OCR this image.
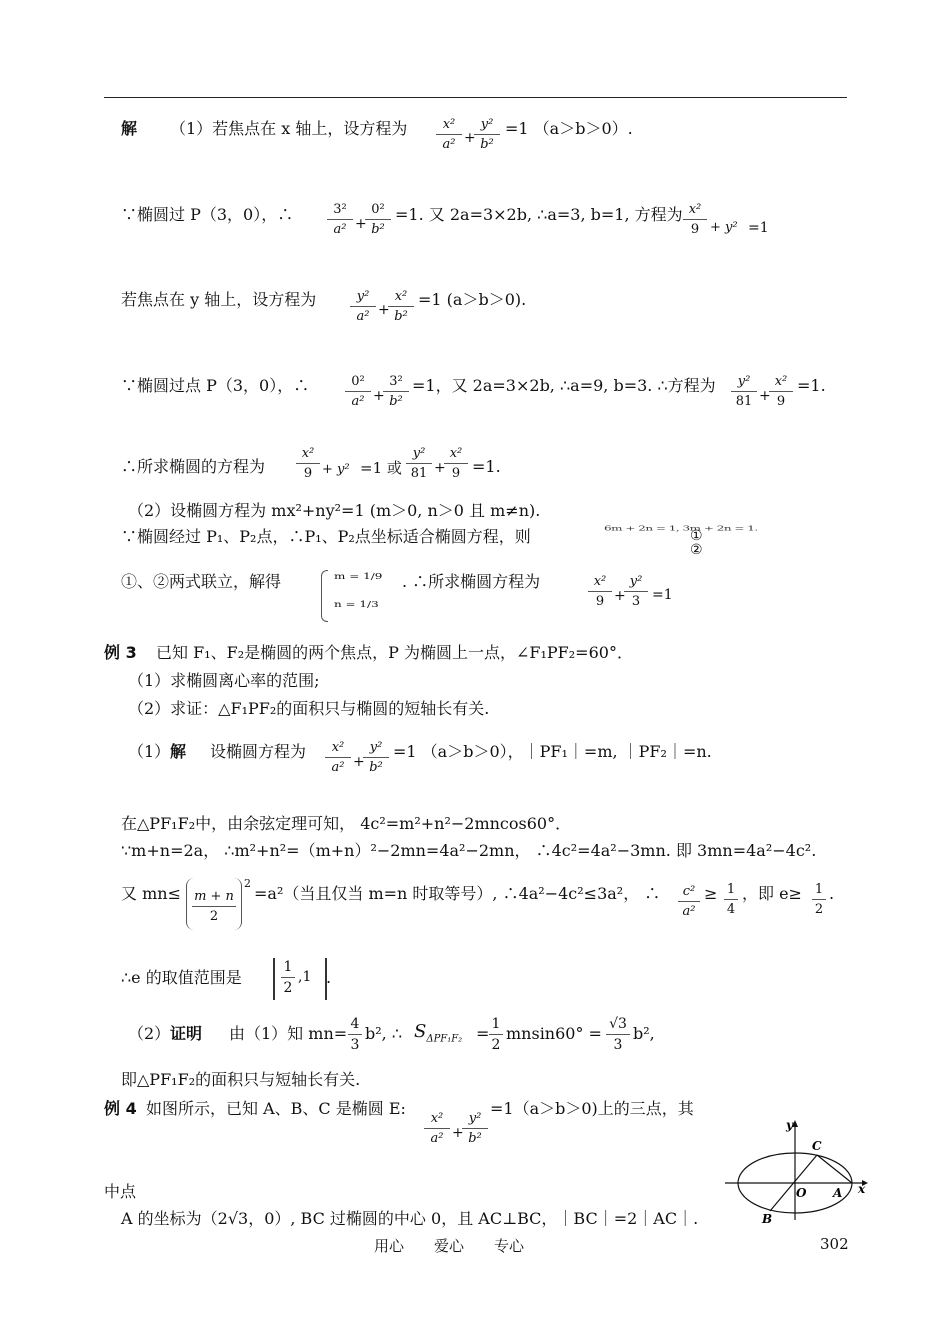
解 （1）若焦点在 x 轴上，设方程为 $\frac{\text{x²}}{\text{a²}}$ +
$\frac{\text{y²}}{\text{b²}} =1$ （a＞b＞0）.
∵椭圆过 P（3，0），∴	$\frac{\text{3²}}{\text{a²}}$ +
$\frac{\text{0²}}{\text{b²}} =1$. 又 2a=3×2b, ∴a=3, b=1, 方程为 $\frac{\text{x²}}{9} + y^2 =1$
若焦点在 y 轴上，设方程为	$\frac{\text{y²}}{\text{a²}}$ +
$\frac{\text{x²}}{\text{b²}} =1$ (a＞b＞0).
∵椭圆过点 P（3，0），∴	$\frac{\text{0²}}{\text{a²}}$ +
$\frac{\text{3²}}{\text{b²}} =1$，又 2a=3×2b, ∴a=9, b=3. ∴方程为 $\frac{\text{y²}}{81}$ +
$\frac{\text{x²}}{9} =1$.
∴所求椭圆的方程为 $\frac{\text{x²}}{9} + y^2 =1$ 或 $\frac{\text{y²}}{81}$ +
$\frac{\text{x²}}{9} =1$.
（2）设椭圆方程为 mx²+ny²=1 (m＞0, n＞0 且 m≠n).
∵椭圆经过 P₁、P₂点，∴P₁、P₂点坐标适合椭圆方程，则	6m + 2n = 1, 3m + 2n = 1.
①
②
①、②两式联立，解得	m = 1/9
n = 1/3
. ∴所求椭圆方程为	$\frac{\text{x²}}{9}$ +
$\frac{\text{y²}}{3} =1$
例 3 已知 F₁、F₂是椭圆的两个焦点，P 为椭圆上一点，∠F₁PF₂=60°．
（1）求椭圆离心率的范围;
（2）求证：△F₁PF₂的面积只与椭圆的短轴长有关.
（1） 解 设椭圆方程为 $\frac{\text{x²}}{\text{a²}}$ +
$\frac{\text{y²}}{\text{b²}} =1$ （a＞b＞0），｜PF₁｜=m, ｜PF₂｜=n.
在△PF₁F₂中，由余弦定理可知， 4c²=m²+n²−2mncos60°．
∵m+n=2a， ∴m²+n²=（m+n）²−2mn=4a²−2mn， ∴4c²=4a²−3mn. 即 3mn=4a²−4c².
又 $mn\le \frac{m + n}{2}$
2
=a²（当且仅当 m=n 时取等号）, ∴4a²−4c²≤3a²， ∴ $\frac{\text{c²}}{\text{a²}} \ge \frac{1}{4}$ ，即 $e\ge \frac{1}{2}$ .
∴e 的取值范围是	$\frac{1}{2} ,1$ .
（2） 证明 由（1）知 $mn= \frac{4}{3} b^2$, ∴ $S_{\Delta PF_1F_2} = \frac{1}{2} mnsin60^\circ = \frac{√3}{3} b^2$,
即△PF₁F₂的面积只与短轴长有关.
例 4 如图所示，已知 A、B、C 是椭圆 E:
$\frac{\text{x²}}{\text{a²}}$ +
$\frac{\text{y²}}{\text{b²}}$
=1（a＞b＞0)上的三点，其
中点
A 的坐标为（2√3，0）, BC 过椭圆的中心 0，且 AC⊥BC，｜BC｜=2｜AC｜.
y
x
O A
B
C
用心　　爱心　　专心	302
